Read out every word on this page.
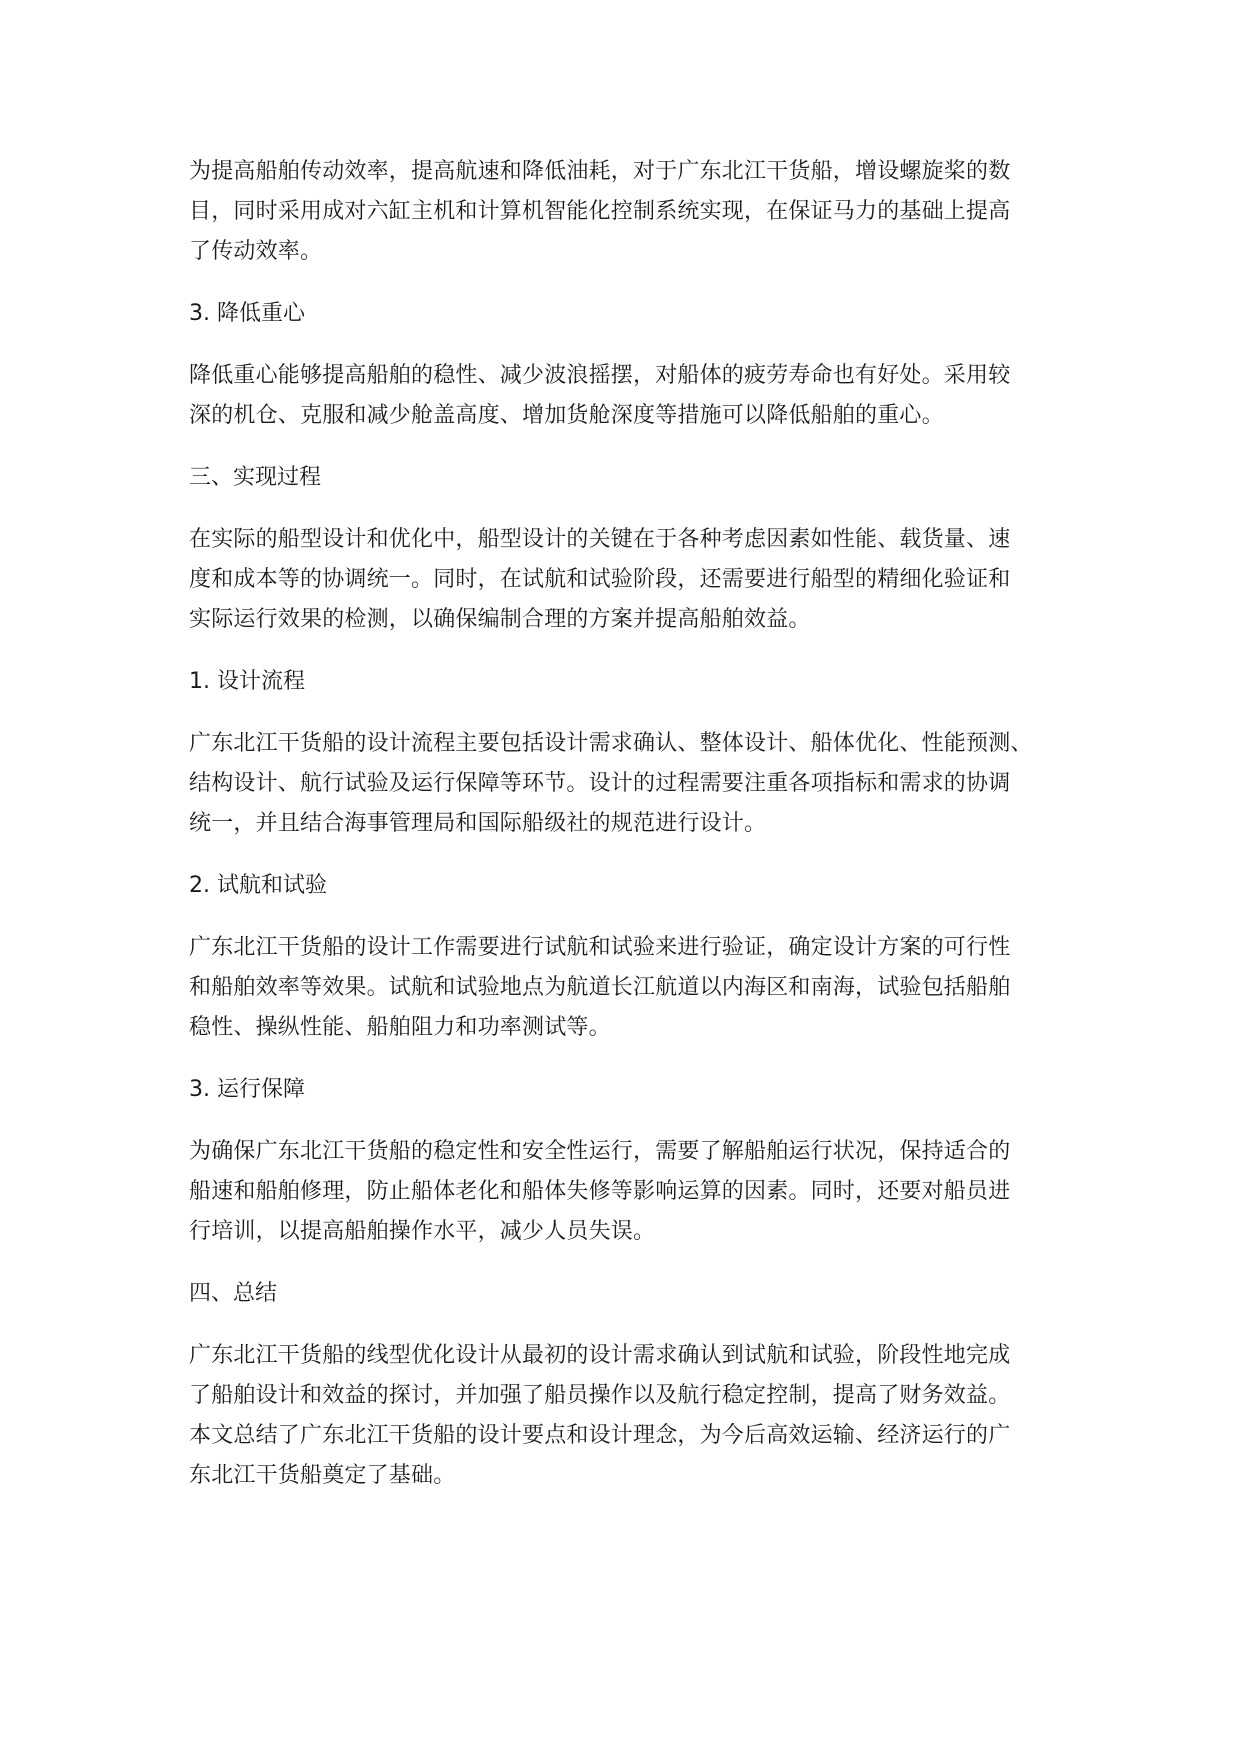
为提高船舶传动效率，提高航速和降低油耗，对于广东北江干货船，增设螺旋桨的数
目，同时采用成对六缸主机和计算机智能化控制系统实现，在保证马力的基础上提高
了传动效率。
3. 降低重心
降低重心能够提高船舶的稳性、减少波浪摇摆，对船体的疲劳寿命也有好处。采用较
深的机仓、克服和减少舱盖高度、增加货舱深度等措施可以降低船舶的重心。
三、实现过程
在实际的船型设计和优化中，船型设计的关键在于各种考虑因素如性能、载货量、速
度和成本等的协调统一。同时，在试航和试验阶段，还需要进行船型的精细化验证和
实际运行效果的检测，以确保编制合理的方案并提高船舶效益。
1. 设计流程
广东北江干货船的设计流程主要包括设计需求确认、整体设计、船体优化、性能预测、
结构设计、航行试验及运行保障等环节。设计的过程需要注重各项指标和需求的协调
统一，并且结合海事管理局和国际船级社的规范进行设计。
2. 试航和试验
广东北江干货船的设计工作需要进行试航和试验来进行验证，确定设计方案的可行性
和船舶效率等效果。试航和试验地点为航道长江航道以内海区和南海，试验包括船舶
稳性、操纵性能、船舶阻力和功率测试等。
3. 运行保障
为确保广东北江干货船的稳定性和安全性运行，需要了解船舶运行状况，保持适合的
船速和船舶修理，防止船体老化和船体失修等影响运算的因素。同时，还要对船员进
行培训，以提高船舶操作水平，减少人员失误。
四、总结
广东北江干货船的线型优化设计从最初的设计需求确认到试航和试验，阶段性地完成
了船舶设计和效益的探讨，并加强了船员操作以及航行稳定控制，提高了财务效益。
本文总结了广东北江干货船的设计要点和设计理念，为今后高效运输、经济运行的广
东北江干货船奠定了基础。
